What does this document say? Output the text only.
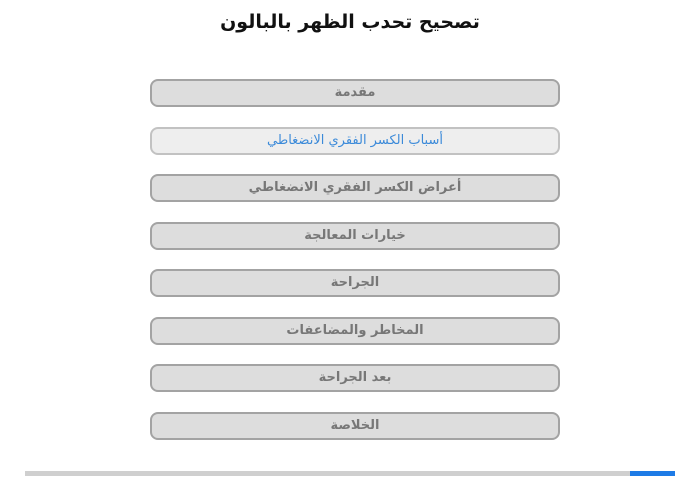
تصحيح تحدب الظهر بالبالون
مقدمة
أسباب الكسر الفقري الانضغاطي
أعراض الكسر الفقري الانضغاطي
خيارات المعالجة
الجراحة
المخاطر والمضاعفات
بعد الجراحة
الخلاصة
